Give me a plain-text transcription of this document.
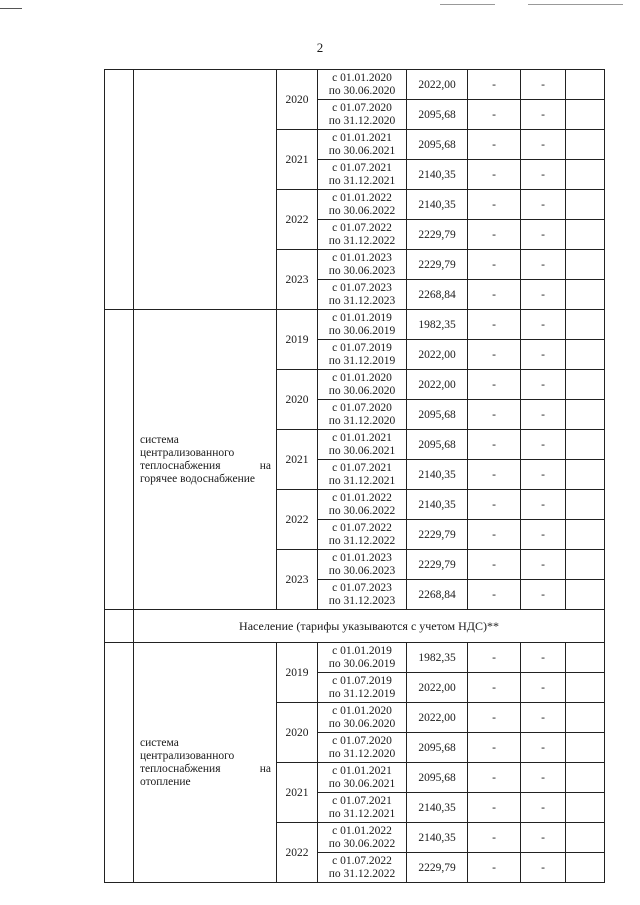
2

	2020	с 01.01.2020
по 30.06.2020	2022,00	-	-	

			с 01.07.2020
по 31.12.2020	2095,68	-	-	
		2021	с 01.01.2021
по 30.06.2021	2095,68	-	-	

			с 01.07.2021
по 31.12.2021	2140,35	-	-	
		2022	с 01.01.2022
по 30.06.2022	2140,35	-	-	

			с 01.07.2022
по 31.12.2022	2229,79	-	-	
		2023	с 01.01.2023
по 30.06.2023	2229,79	-	-	

			с 01.07.2023
по 31.12.2023	2268,84	-	-	

	система централизованного теплоснабжения на горячее водоснабжение	2019	с 01.01.2019
по 30.06.2019	1982,35	-	-	

			с 01.07.2019
по 31.12.2019	2022,00	-	-	
		2020	с 01.01.2020
по 30.06.2020	2022,00	-	-	

			с 01.07.2020
по 31.12.2020	2095,68	-	-	
		2021	с 01.01.2021
по 30.06.2021	2095,68	-	-	

			с 01.07.2021
по 31.12.2021	2140,35	-	-	
		2022	с 01.01.2022
по 30.06.2022	2140,35	-	-	

			с 01.07.2022
по 31.12.2022	2229,79	-	-	
		2023	с 01.01.2023
по 30.06.2023	2229,79	-	-	

			с 01.07.2023
по 31.12.2023	2268,84	-	-	
	Население (тарифы указываются с учетом НДС)**						

	система централизованного теплоснабжения на отопление	2019	с 01.01.2019
по 30.06.2019	1982,35	-	-	

			с 01.07.2019
по 31.12.2019	2022,00	-	-	
		2020	с 01.01.2020
по 30.06.2020	2022,00	-	-	

			с 01.07.2020
по 31.12.2020	2095,68	-	-	
		2021	с 01.01.2021
по 30.06.2021	2095,68	-	-	

			с 01.07.2021
по 31.12.2021	2140,35	-	-	
		2022	с 01.01.2022
по 30.06.2022	2140,35	-	-	

			с 01.07.2022
по 31.12.2022	2229,79	-	-	
